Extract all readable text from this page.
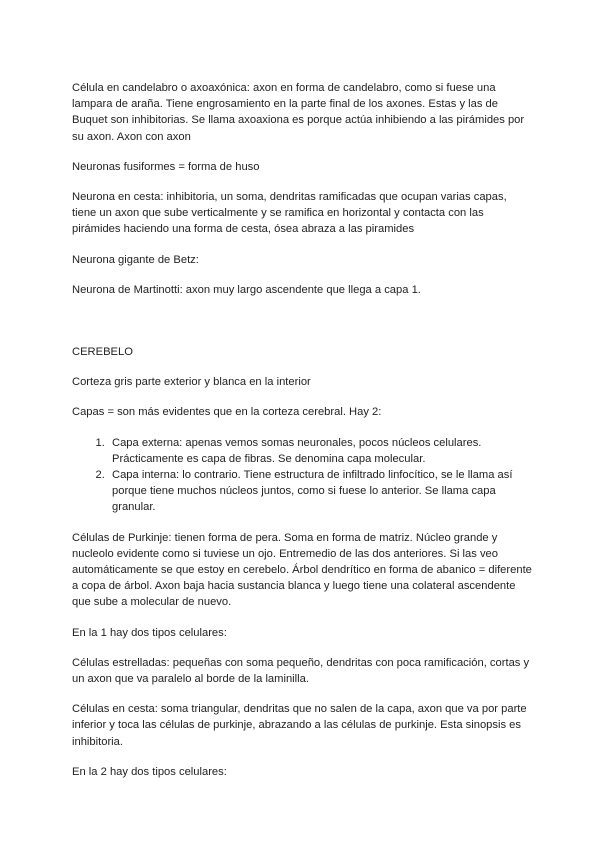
Célula en candelabro o axoaxónica: axon en forma de candelabro, como si fuese una lampara de araña. Tiene engrosamiento en la parte final de los axones. Estas y las de Buquet son inhibitorias. Se llama axoaxiona es porque actúa inhibiendo a las pirámides por su axon. Axon con axon

Neuronas fusiformes = forma de huso

Neurona en cesta: inhibitoria, un soma, dendritas ramificadas que ocupan varias capas, tiene un axon que sube verticalmente y se ramifica en horizontal y contacta con las pirámides haciendo una forma de cesta, ósea abraza a las piramides

Neurona gigante de Betz:

Neurona de Martinotti: axon muy largo ascendente que llega a capa 1.

CEREBELO

Corteza gris parte exterior y blanca en la interior

Capas = son más evidentes que en la corteza cerebral. Hay 2:

1. Capa externa: apenas vemos somas neuronales, pocos núcleos celulares. Prácticamente es capa de fibras. Se denomina capa molecular.
2. Capa interna: lo contrario. Tiene estructura de infiltrado linfocítico, se le llama así porque tiene muchos núcleos juntos, como si fuese lo anterior. Se llama capa granular.

Células de Purkinje: tienen forma de pera. Soma en forma de matriz. Núcleo grande y nucleolo evidente como si tuviese un ojo. Entremedio de las dos anteriores. Si las veo automáticamente se que estoy en cerebelo. Árbol dendrítico en forma de abanico = diferente a copa de árbol. Axon baja hacia sustancia blanca y luego tiene una colateral ascendente que sube a molecular de nuevo.

En la 1 hay dos tipos celulares:

Células estrelladas: pequeñas con soma pequeño, dendritas con poca ramificación, cortas y un axon que va paralelo al borde de la laminilla.

Células en cesta: soma triangular, dendritas que no salen de la capa, axon que va por parte inferior y toca las células de purkinje, abrazando a las células de purkinje. Esta sinopsis es inhibitoria.

En la 2 hay dos tipos celulares:
